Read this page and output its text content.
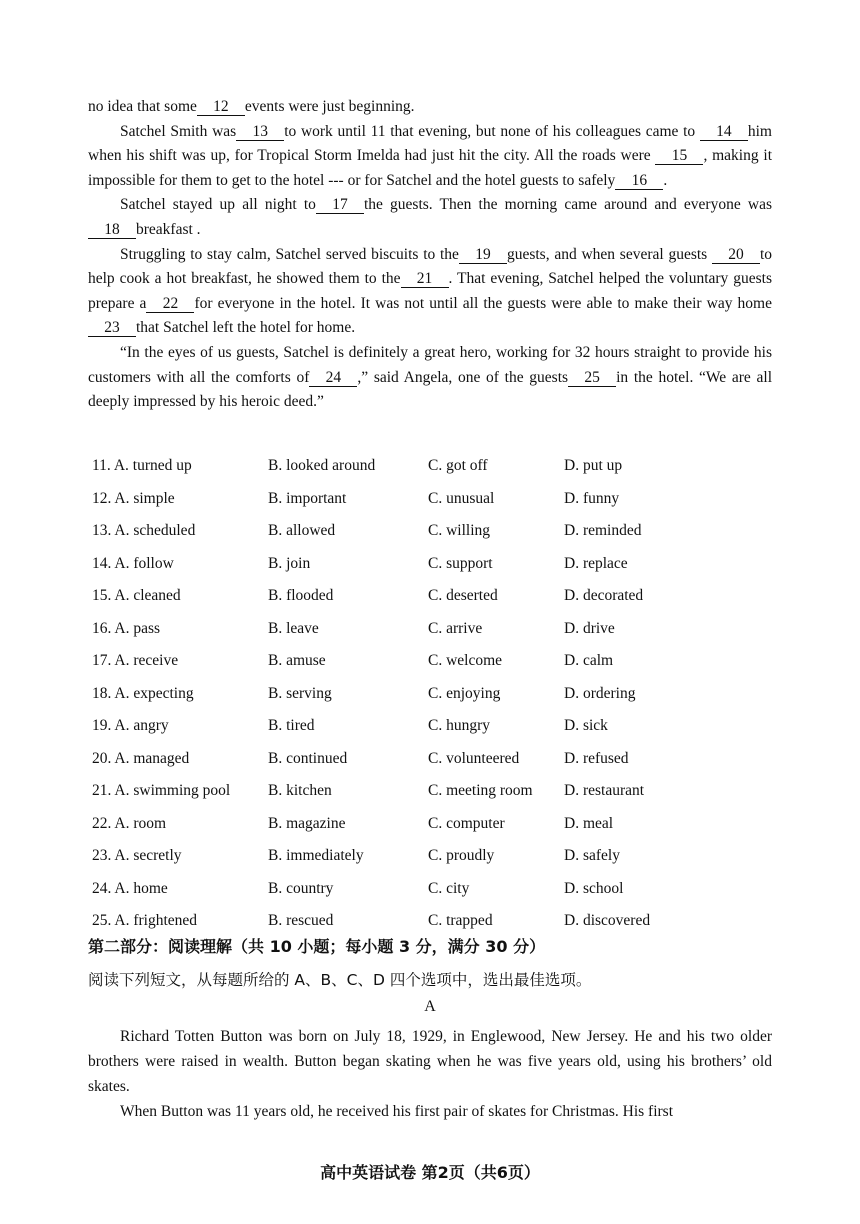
no idea that some 12 events were just beginning.

Satchel Smith was 13 to work until 11 that evening, but none of his colleagues came to 14 him when his shift was up, for Tropical Storm Imelda had just hit the city. All the roads were 15 , making it impossible for them to get to the hotel --- or for Satchel and the hotel guests to safely 16 .

Satchel stayed up all night to 17 the guests. Then the morning came around and everyone was18 breakfast .

Struggling to stay calm, Satchel served biscuits to the 19 guests, and when several guests 20 to help cook a hot breakfast, he showed them to the 21 . That evening, Satchel helped the voluntary guests prepare a 22 for everyone in the hotel. It was not until all the guests were able to make their way home23 that Satchel left the hotel for home.

“In the eyes of us guests, Satchel is definitely a great hero, working for 32 hours straight to provide his customers with all the comforts of 24 ,” said Angela, one of the guests 25 in the hotel. “We are all deeply impressed by his heroic deed.”

11. A. turned up	B. looked around	C. got off	D. put up
12. A. simple	B. important	C. unusual	D. funny
13. A. scheduled	B. allowed	C. willing	D. reminded
14. A. follow	B. join	C. support	D. replace
15. A. cleaned	B. flooded	C. deserted	D. decorated
16. A. pass	B. leave	C. arrive	D. drive
17. A. receive	B. amuse	C. welcome	D. calm
18. A. expecting	B. serving	C. enjoying	D. ordering
19. A. angry	B. tired	C. hungry	D. sick
20. A. managed	B. continued	C. volunteered	D. refused
21. A. swimming pool	B. kitchen	C. meeting room	D. restaurant
22. A. room	B. magazine	C. computer	D. meal
23. A. secretly	B. immediately	C. proudly	D. safely
24. A. home	B. country	C. city	D. school
25. A. frightened	B. rescued	C. trapped	D. discovered
第二部分：阅读理解（共 10 小题；每小题 3 分，满分 30 分）
阅读下列短文，从每题所给的 A、B、C、D 四个选项中，选出最佳选项。
A

Richard Totten Button was born on July 18, 1929, in Englewood, New Jersey. He and his two older brothers were raised in wealth. Button began skating when he was five years old, using his brothers’ old skates.

When Button was 11 years old, he received his first pair of skates for Christmas. His first

高中英语试卷 第2页（共6页）
